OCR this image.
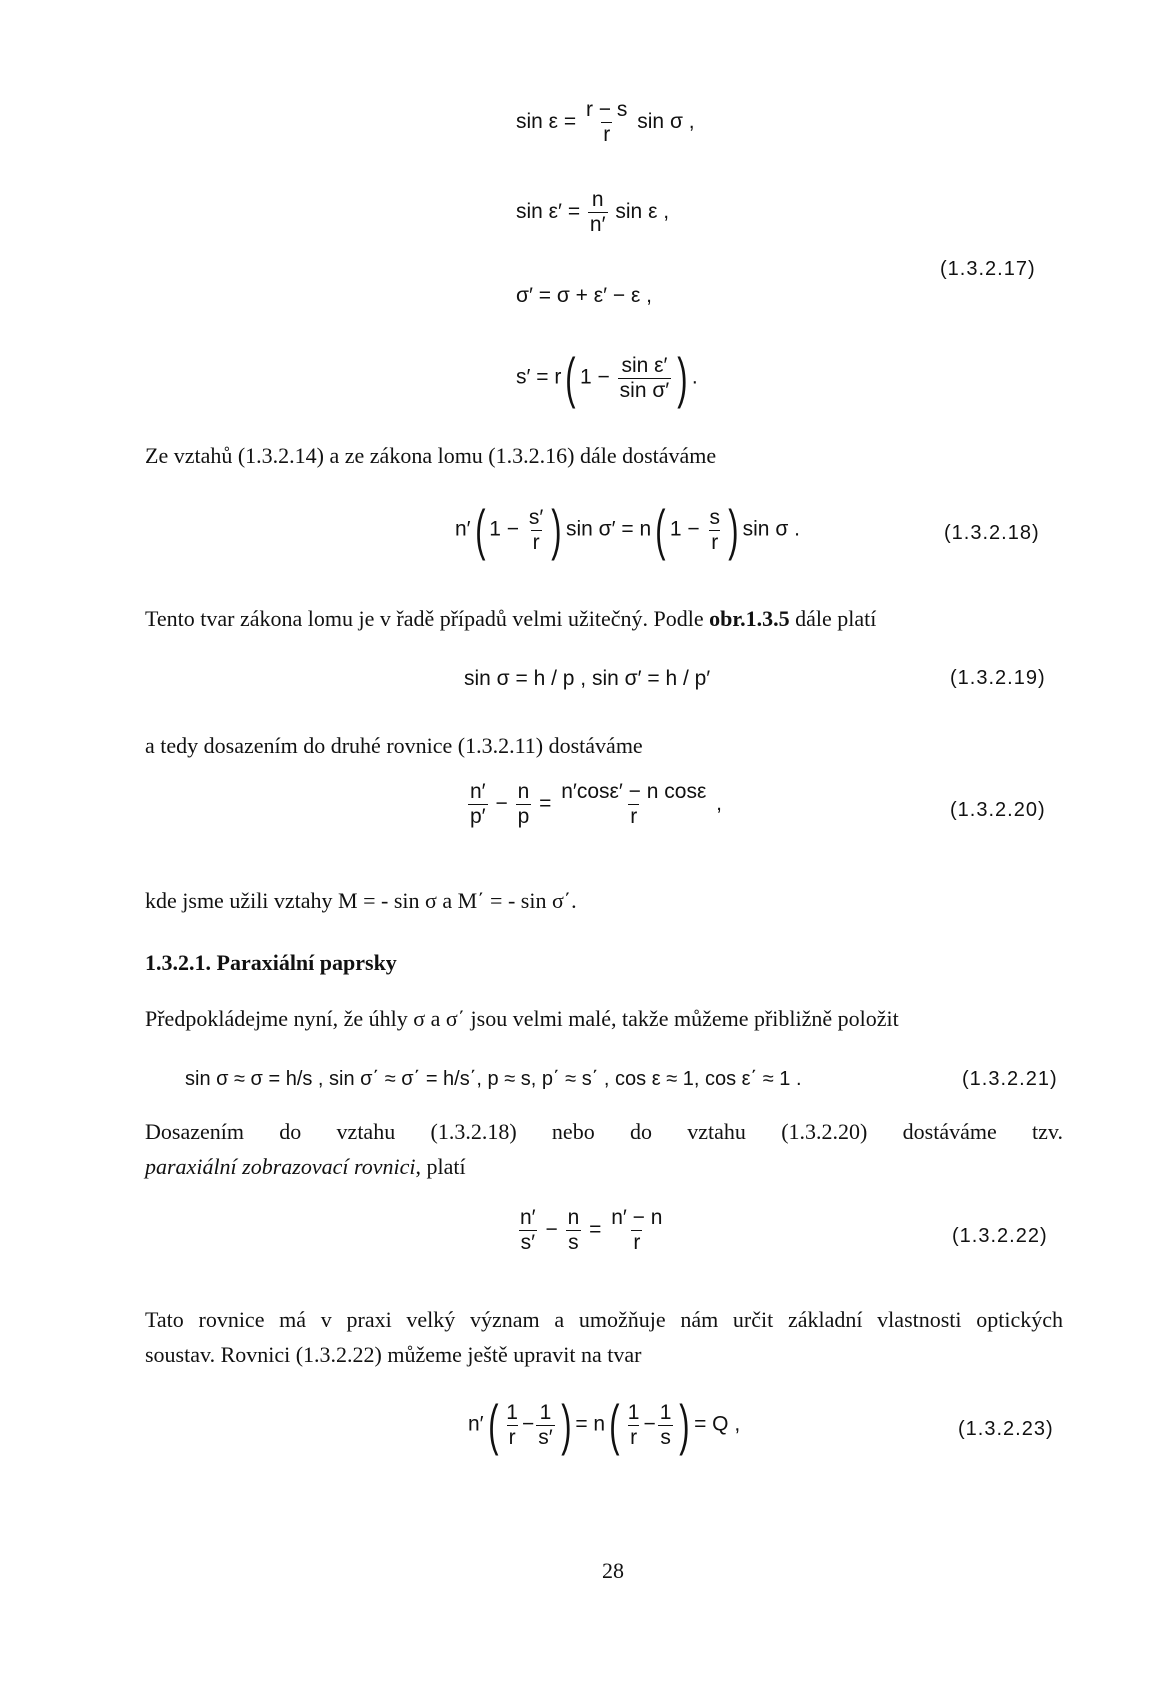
$\sin \varepsilon = \frac{r - s}{r}$ sin σ ,
$\sin \varepsilon' = \frac{n}{n'}$ sin ε ,
(1.3.2.17)
σ′ = σ + ε′ − ε ,
s′ = r( $1 - \frac{\text{sin ε′}}{\text{sin σ′}}$ ) .
Ze vztahů (1.3.2.14) a ze zákona lomu (1.3.2.16) dále dostáváme
n′( $1 - \frac{s'}{r}$ ) sin σ′ = n( $1 - \frac{s}{r}$ ) sin σ .	(1.3.2.18)
Tento tvar zákona lomu je v řadě případů velmi užitečný. Podle obr.1.3.5 dále platí
sin σ = h / p , sin σ′ = h / p′	(1.3.2.19)
a tedy dosazením do druhé rovnice (1.3.2.11) dostáváme
$\frac{n'}{p'} - \frac{n}{p} = \frac{\text{n′cosε′ − n cosε}}{r}$ ,	(1.3.2.20)
kde jsme užili vztahy M = - sin σ a M΄ = - sin σ΄.
1.3.2.1. Paraxiální paprsky
Předpokládejme nyní, že úhly σ a σ΄ jsou velmi malé, takže můžeme přibližně položit
sin σ ≈ σ = h/s , sin σ΄ ≈ σ΄ = h/s΄, p ≈ s, p΄ ≈ s΄ , cos ε ≈ 1, cos ε΄ ≈ 1 .	(1.3.2.21)
Dosazením do vztahu (1.3.2.18) nebo do vztahu (1.3.2.20) dostáváme tzv.
paraxiální zobrazovací rovnici, platí
$\frac{n'}{s'} - \frac{n}{s} = \frac{n' - n}{r}$	(1.3.2.22)
Tato rovnice má v praxi velký význam a umožňuje nám určit základní vlastnosti optických
soustav. Rovnici (1.3.2.22) můžeme ještě upravit na tvar
$n'( \frac{1}{r} - \frac{1}{s'}$ ) = $n( \frac{1}{r} - \frac{1}{s}$ ) = Q ,	(1.3.2.23)
28
